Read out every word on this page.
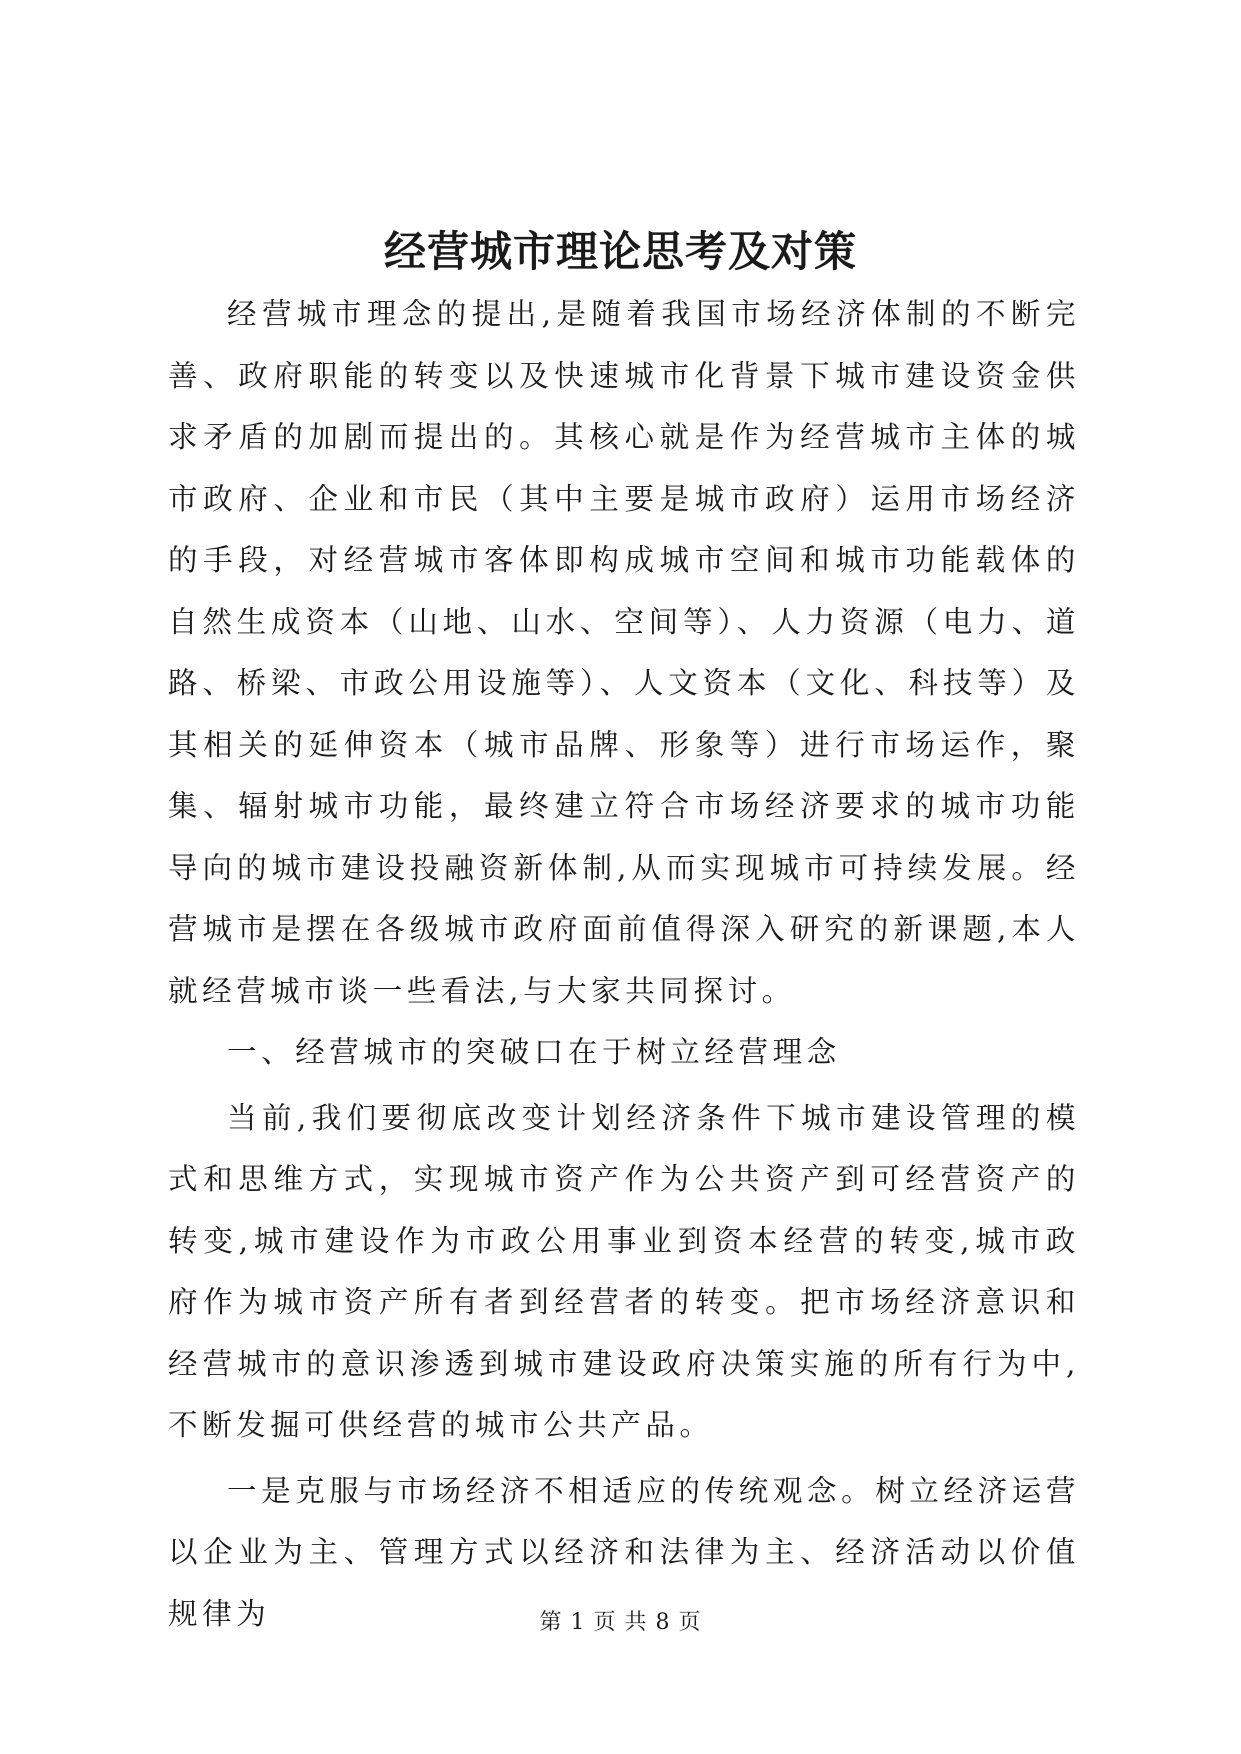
经营城市理论思考及对策

经营城市理念的提出,是随着我国市场经济体制的不断完善、政府职能的转变以及快速城市化背景下城市建设资金供求矛盾的加剧而提出的。其核心就是作为经营城市主体的城市政府、企业和市民（其中主要是城市政府）运用市场经济的手段，对经营城市客体即构成城市空间和城市功能载体的自然生成资本（山地、山水、空间等）、人力资源（电力、道路、桥梁、市政公用设施等）、人文资本（文化、科技等）及其相关的延伸资本（城市品牌、形象等）进行市场运作，聚集、辐射城市功能，最终建立符合市场经济要求的城市功能导向的城市建设投融资新体制,从而实现城市可持续发展。经营城市是摆在各级城市政府面前值得深入研究的新课题,本人就经营城市谈一些看法,与大家共同探讨。

一、经营城市的突破口在于树立经营理念

当前,我们要彻底改变计划经济条件下城市建设管理的模式和思维方式，实现城市资产作为公共资产到可经营资产的转变,城市建设作为市政公用事业到资本经营的转变,城市政府作为城市资产所有者到经营者的转变。把市场经济意识和经营城市的意识渗透到城市建设政府决策实施的所有行为中,不断发掘可供经营的城市公共产品。

一是克服与市场经济不相适应的传统观念。树立经济运营以企业为主、管理方式以经济和法律为主、经济活动以价值规律为	第 1 页 共 8 页
